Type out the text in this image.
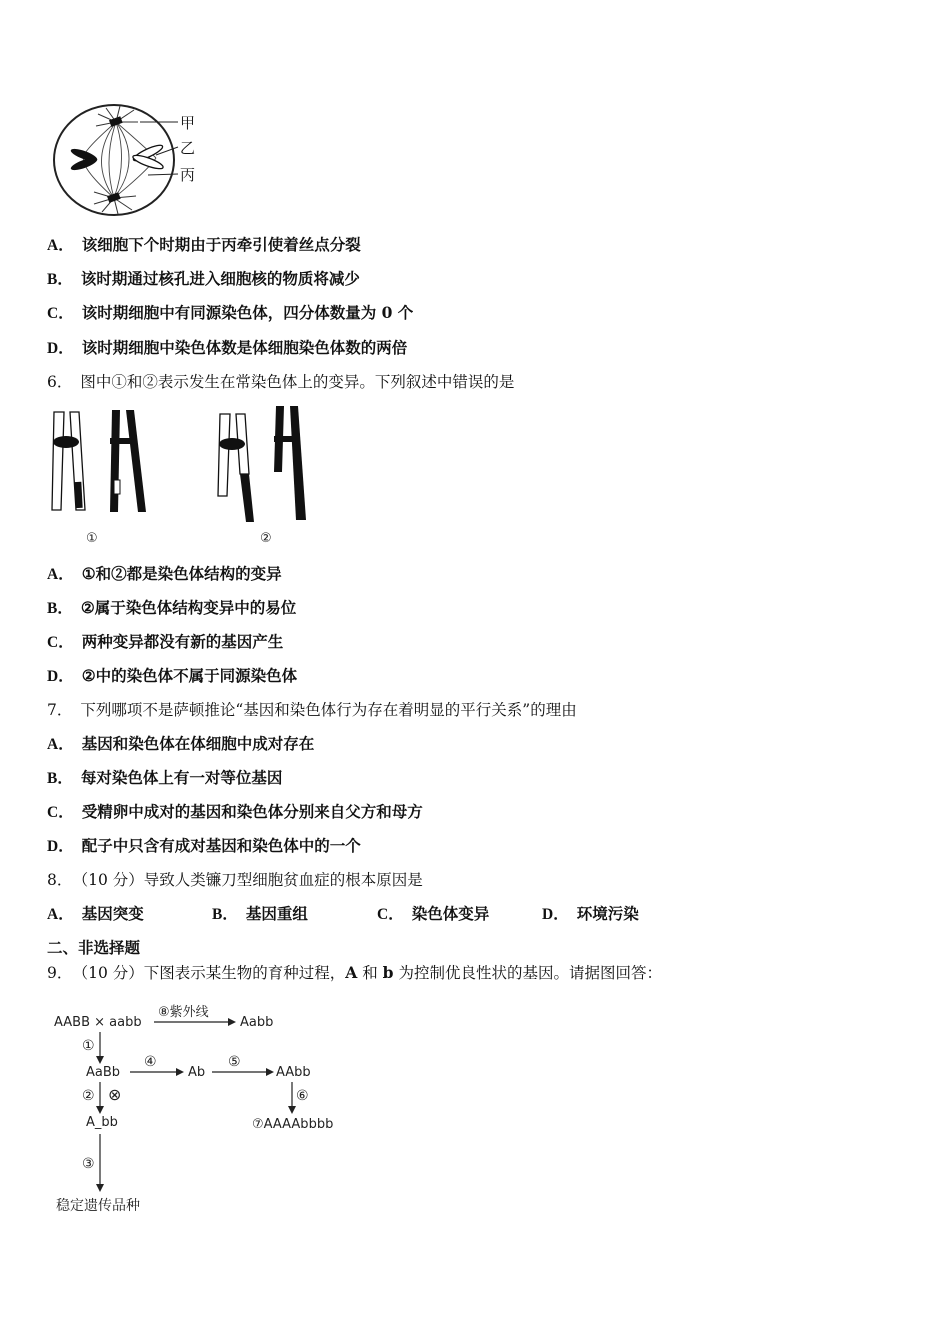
甲
乙
丙
A． 该细胞下个时期由于丙牵引使着丝点分裂
B． 该时期通过核孔进入细胞核的物质将减少
C． 该时期细胞中有同源染色体，四分体数量为 0 个
D． 该时期细胞中染色体数是体细胞染色体数的两倍
6． 图中①和②表示发生在常染色体上的变异。下列叙述中错误的是
①	②
A． ①和②都是染色体结构的变异
B． ②属于染色体结构变异中的易位
C． 两种变异都没有新的基因产生
D． ②中的染色体不属于同源染色体
7． 下列哪项不是萨顿推论“基因和染色体行为存在着明显的平行关系”的理由
A． 基因和染色体在体细胞中成对存在
B． 每对染色体上有一对等位基因
C． 受精卵中成对的基因和染色体分别来自父方和母方
D． 配子中只含有成对基因和染色体中的一个
8． （10 分）导致人类镰刀型细胞贫血症的根本原因是
A． 基因突变	B． 基因重组	C． 染色体变异	D． 环境污染
二、非选择题
9． （10 分）下图表示某生物的育种过程，A 和 b 为控制优良性状的基因。请据图回答：
AABB × aabb
⑧紫外线
Aabb
①
AaBb
④
Ab
⑤
AAbb
② ⊗	⑥
A_bb	⑦AAAAbbbb
③
稳定遗传品种
